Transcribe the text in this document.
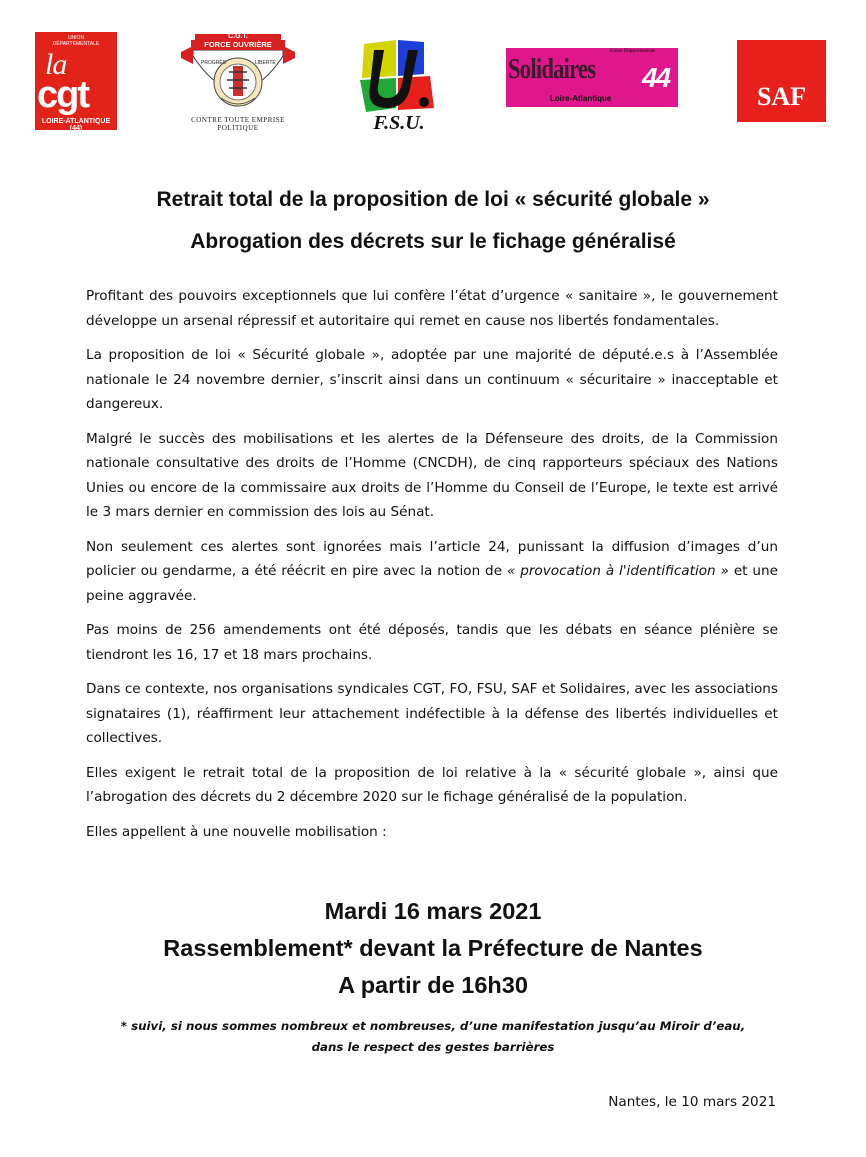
UNION
DÉPARTEMENTALE
la
cgt
LOIRE-ATLANTIQUE (44)
C.G.T.
FORCE OUVRIÈRE
PROGRÈS	LIBERTÉ
CONTRE TOUTE EMPRISE POLITIQUE	F.S.U.
Union Départementale
Solidaires 44
Loire-Atlantique	SAF
Retrait total de la proposition de loi « sécurité globale »
Abrogation des décrets sur le fichage généralisé

Profitant des pouvoirs exceptionnels que lui confère l’état d’urgence « sanitaire », le gouvernement développe un arsenal répressif et autoritaire qui remet en cause nos libertés fondamentales.

La proposition de loi « Sécurité globale », adoptée par une majorité de député.e.s à l’Assemblée nationale le 24 novembre dernier, s’inscrit ainsi dans un continuum « sécuritaire » inacceptable et dangereux.

Malgré le succès des mobilisations et les alertes de la Défenseure des droits, de la Commission nationale consultative des droits de l’Homme (CNCDH), de cinq rapporteurs spéciaux des Nations Unies ou encore de la commissaire aux droits de l’Homme du Conseil de l’Europe, le texte est arrivé le 3 mars dernier en commission des lois au Sénat.

Non seulement ces alertes sont ignorées mais l’article 24, punissant la diffusion d’images d’un policier ou gendarme, a été réécrit en pire avec la notion de « provocation à l'identification » et une peine aggravée.

Pas moins de 256 amendements ont été déposés, tandis que les débats en séance plénière se tiendront les 16, 17 et 18 mars prochains.

Dans ce contexte, nos organisations syndicales CGT, FO, FSU, SAF et Solidaires, avec les associations signataires (1), réaffirment leur attachement indéfectible à la défense des libertés individuelles et collectives.

Elles exigent le retrait total de la proposition de loi relative à la « sécurité globale », ainsi que l’abrogation des décrets du 2 décembre 2020 sur le fichage généralisé de la population.

Elles appellent à une nouvelle mobilisation :

Mardi 16 mars 2021
Rassemblement* devant la Préfecture de Nantes
A partir de 16h30
* suivi, si nous sommes nombreux et nombreuses, d’une manifestation jusqu’au Miroir d’eau,
dans le respect des gestes barrières
Nantes, le 10 mars 2021
